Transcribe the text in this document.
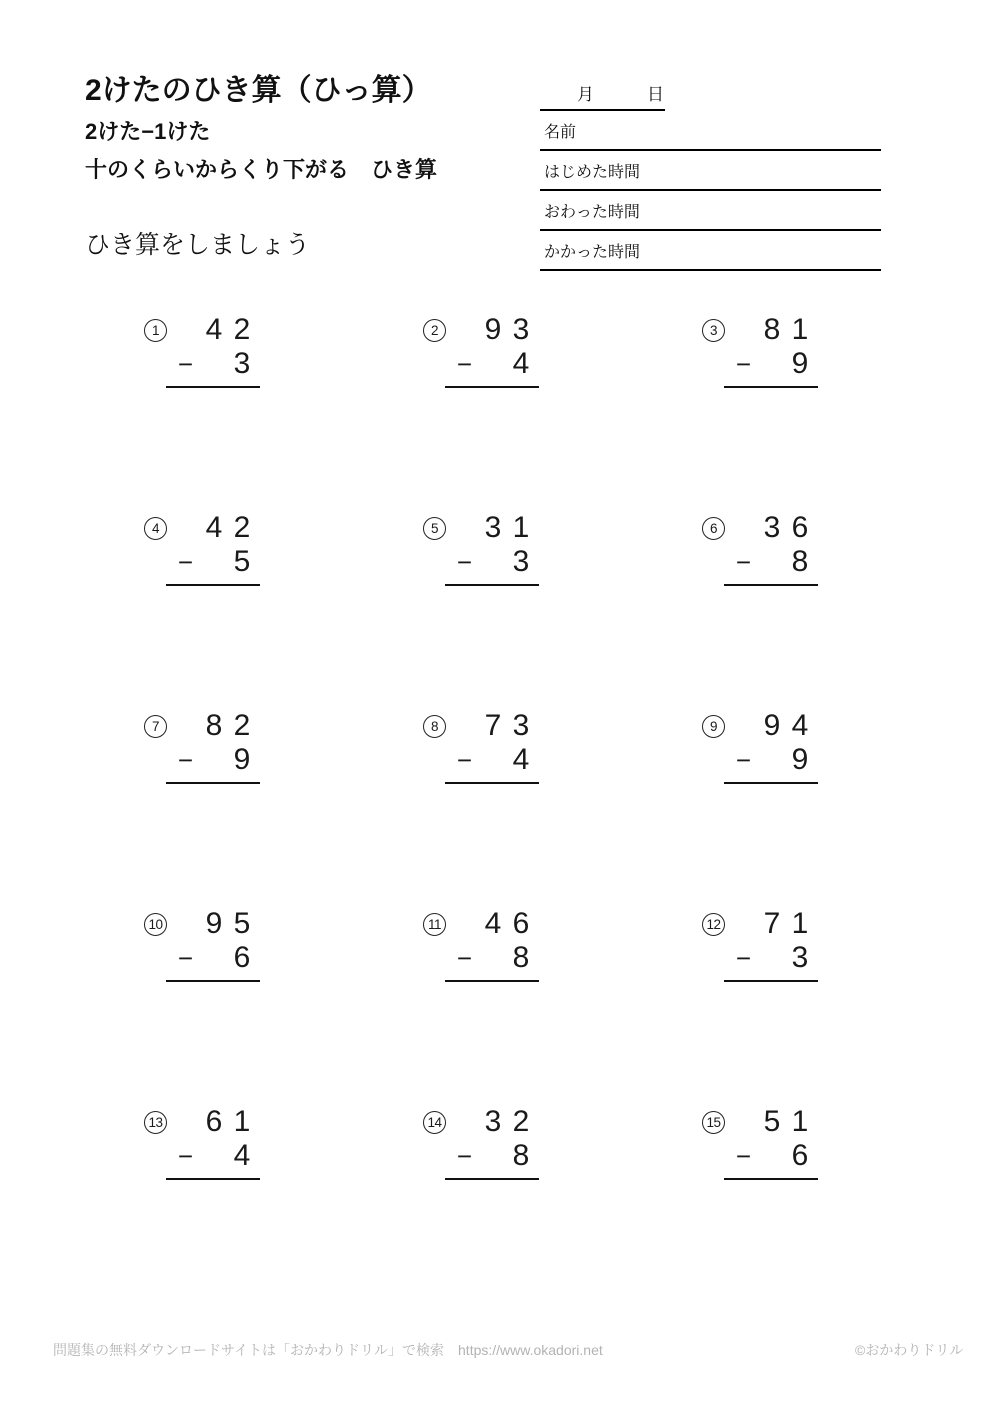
2けたのひき算（ひっ算）
2けた−1けた
十のくらいからくり下がる　ひき算
ひき算をしましょう
月	日
名前
はじめた時間
おわった時間
かかった時間
1 4 2
− 3
2 9 3
− 4
3 8 1
− 9
4 4 2
− 5
5 3 1
− 3
6 3 6
− 8
7 8 2
− 9
8 7 3
− 4
9 9 4
− 9
10 9 5
− 6
11 4 6
− 8
12 7 1
− 3
13 6 1
− 4
14 3 2
− 8
15 5 1
− 6
問題集の無料ダウンロードサイトは「おかわりドリル」で検索　https://www.okadori.net	©おかわりドリル
